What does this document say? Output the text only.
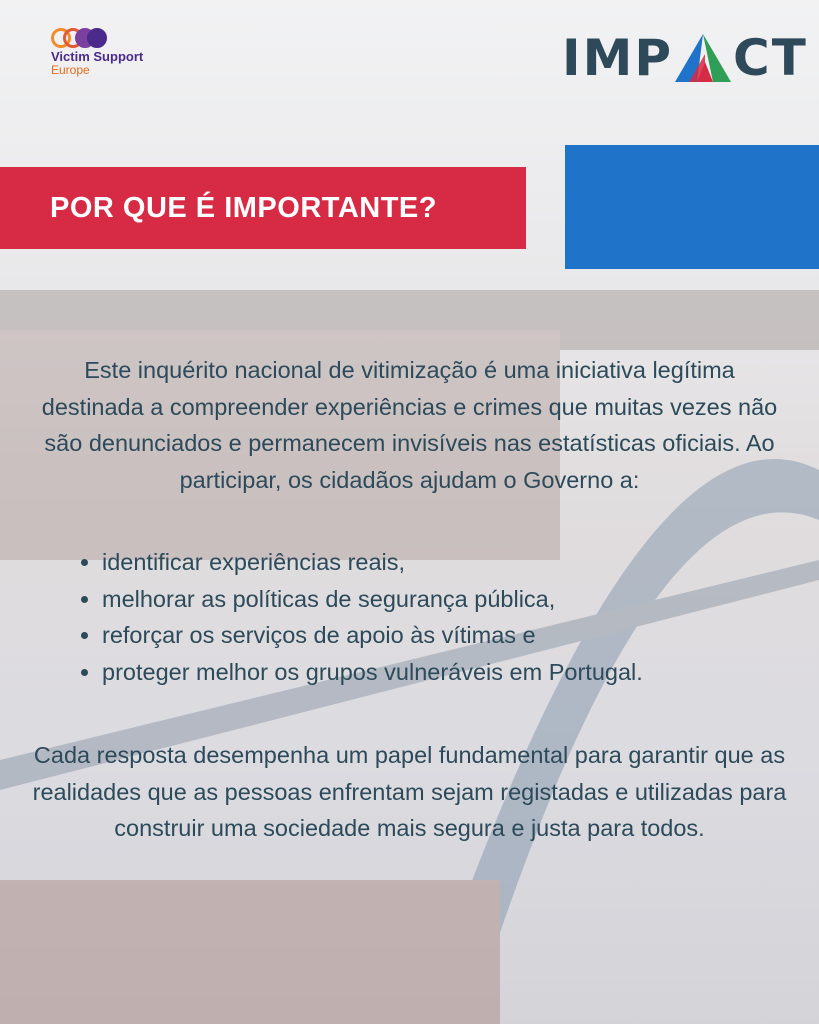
Victim Support
Europe	IMP CT
POR QUE É IMPORTANTE?

Este inquérito nacional de vitimização é uma iniciativa legítima destinada a compreender experiências e crimes que muitas vezes não são denunciados e permanecem invisíveis nas estatísticas oficiais. Ao participar, os cidadãos ajudam o Governo a:

identificar experiências reais,
melhorar as políticas de segurança pública,
reforçar os serviços de apoio às vítimas e
proteger melhor os grupos vulneráveis em Portugal.

Cada resposta desempenha um papel fundamental para garantir que as realidades que as pessoas enfrentam sejam registadas e utilizadas para construir uma sociedade mais segura e justa para todos.
